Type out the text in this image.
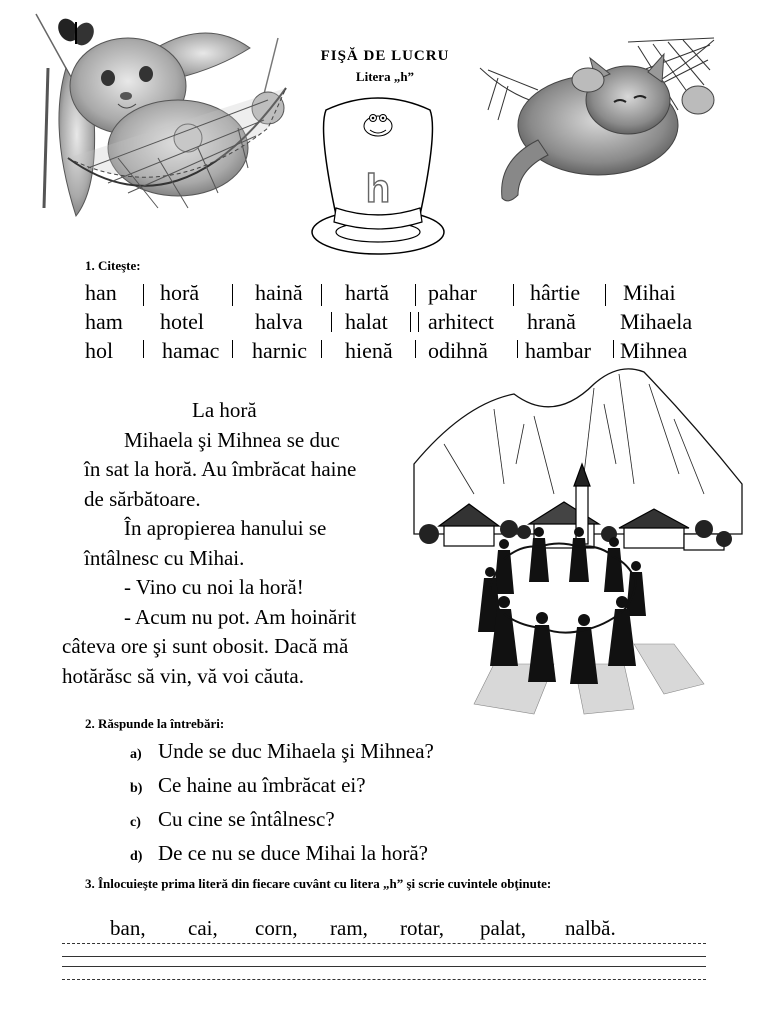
FIŞĂ DE LUCRU
Litera „h”
h
1. Citeşte:
han horă	haină hartă pahar hârtie Mihai
ham hotel halva halat arhitect hrană Mihaela
hol hamac harnic hienă odihnă hambar Mihnea
La horă
Mihaela şi Mihnea se duc
în sat la horă. Au îmbrăcat haine
de sărbătoare.
În apropierea hanului se
întâlnesc cu Mihai.
- Vino cu noi la horă!
- Acum nu pot. Am hoinărit
câteva ore şi sunt obosit. Dacă mă
hotărăsc să vin, vă voi căuta.
2. Răspunde la întrebări:
a) Unde se duc Mihaela şi Mihnea?
b) Ce haine au îmbrăcat ei?
c) Cu cine se întâlnesc?
d) De ce nu se duce Mihai la horă?
3. Înlocuieşte prima literă din fiecare cuvânt cu litera „h” şi scrie cuvintele obţinute:
ban, cai, corn, ram, rotar, palat, nalbă.
